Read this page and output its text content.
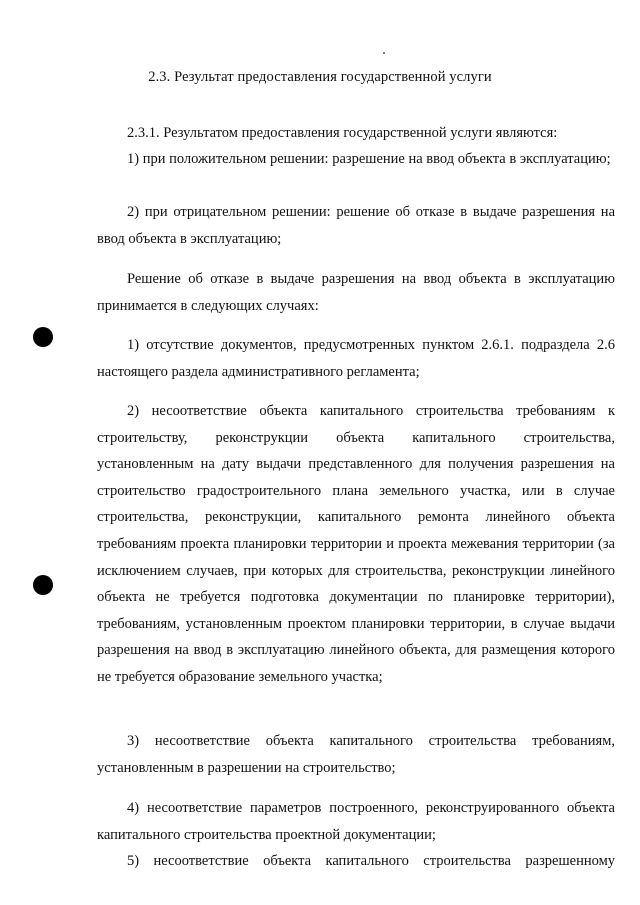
2.3. Результат предоставления государственной услуги

2.3.1. Результатом предоставления государственной услуги являются:

1) при положительном решении: разрешение на ввод объекта в эксплуатацию;

2) при отрицательном решении: решение об отказе в выдаче разрешения на ввод объекта в эксплуатацию;

Решение об отказе в выдаче разрешения на ввод объекта в эксплуатацию принимается в следующих случаях:

1) отсутствие документов, предусмотренных пунктом 2.6.1. подраздела 2.6 настоящего раздела административного регламента;

2) несоответствие объекта капитального строительства требованиям к строительству, реконструкции объекта капитального строительства, установленным на дату выдачи представленного для получения разрешения на строительство градостроительного плана земельного участка, или в случае строительства, реконструкции, капитального ремонта линейного объекта требованиям проекта планировки территории и проекта межевания территории (за исключением случаев, при которых для строительства, реконструкции линейного объекта не требуется подготовка документации по планировке территории), требованиям, установленным проектом планировки территории, в случае выдачи разрешения на ввод в эксплуатацию линейного объекта, для размещения которого не требуется образование земельного участка;

3) несоответствие объекта капитального строительства требованиям, установленным в разрешении на строительство;

4) несоответствие параметров построенного, реконструированного объекта капитального строительства проектной документации;

5) несоответствие объекта капитального строительства разрешенному
